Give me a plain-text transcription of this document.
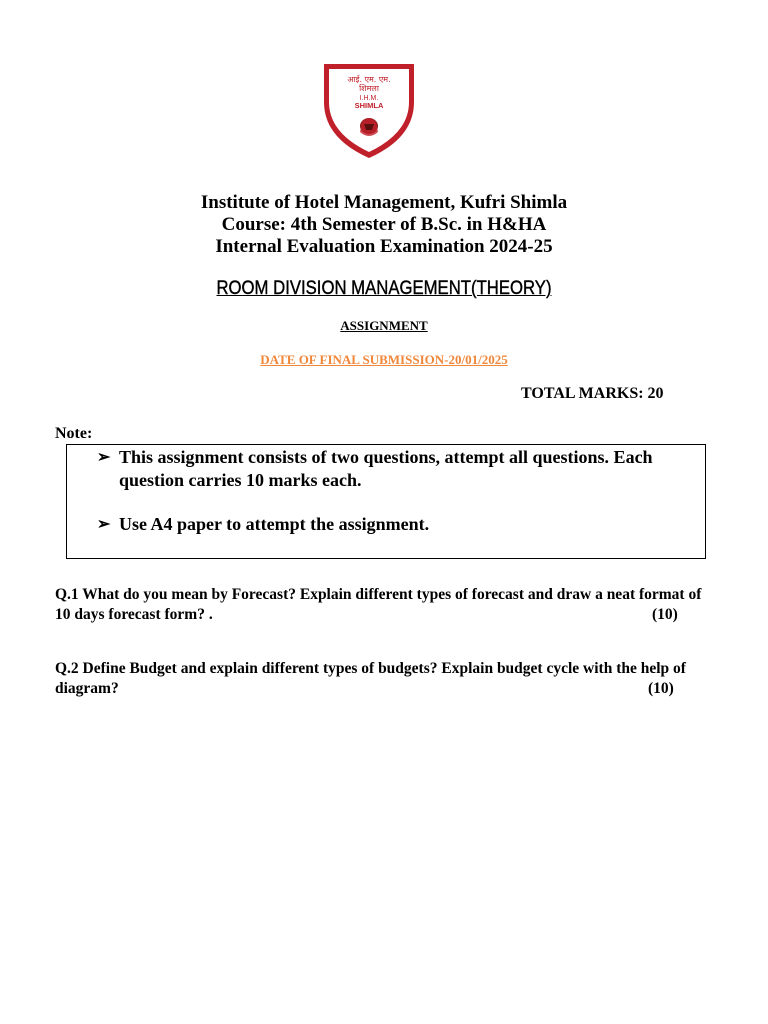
आई. एम. एम.
शिमला
I.H.M.
SHIMLA
Institute of Hotel Management, Kufri Shimla
Course: 4th Semester of B.Sc. in H&HA
Internal Evaluation Examination 2024-25
ROOM DIVISION MANAGEMENT(THEORY)
ASSIGNMENT
DATE OF FINAL SUBMISSION-20/01/2025
TOTAL MARKS: 20
Note:
➢ This assignment consists of two questions, attempt all questions. Each question carries 10 marks each.
➢ Use A4 paper to attempt the assignment.
Q.1 What do you mean by Forecast? Explain different types of forecast and draw a neat format of 10 days forecast form? .	(10)
Q.2 Define Budget and explain different types of budgets? Explain budget cycle with the help of diagram?	(10)
